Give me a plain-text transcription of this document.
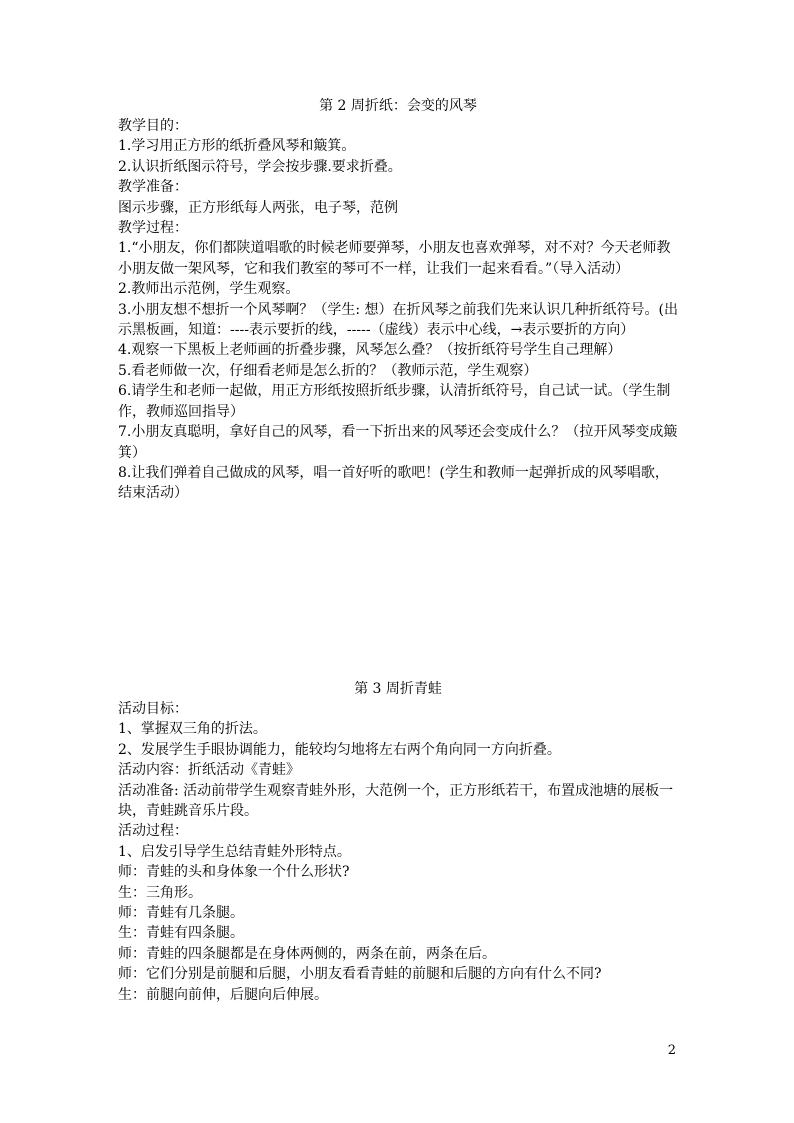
第 2 周折纸：会变的风琴

教学目的：

1.学习用正方形的纸折叠风琴和簸箕。

2.认识折纸图示符号，学会按步骤.要求折叠。

教学准备：

图示步骤，正方形纸每人两张，电子琴，范例

教学过程：

1.“小朋友，你们都陕道唱歌的时候老师要弹琴，小朋友也喜欢弹琴，对不对？今天老师教

小朋友做一架风琴，它和我们教室的琴可不一样，让我们一起来看看。”（导入活动）

2.教师出示范例，学生观察。

3.小朋友想不想折一个风琴啊？（学生: 想）在折风琴之前我们先来认识几种折纸符号。(出

示黑板画，知道：----表示要折的线，-----（虚线）表示中心线，→表示要折的方向）

4.观察一下黑板上老师画的折叠步骤，风琴怎么叠？（按折纸符号学生自己理解）

5.看老师做一次，仔细看老师是怎么折的？（教师示范，学生观察）

6.请学生和老师一起做，用正方形纸按照折纸步骤，认清折纸符号，自己试一试。（学生制

作，教师巡回指导）

7.小朋友真聪明，拿好自己的风琴，看一下折出来的风琴还会变成什么？（拉开风琴变成簸

箕）

8.让我们弹着自己做成的风琴，唱一首好听的歌吧！(学生和教师一起弹折成的风琴唱歌，

结束活动）

第 3 周折青蛙

活动目标：

1、掌握双三角的折法。

2、发展学生手眼协调能力，能较均匀地将左右两个角向同一方向折叠。

活动内容：折纸活动《青蛙》

活动准备: 活动前带学生观察青蛙外形，大范例一个，正方形纸若干，布置成池塘的展板一

块，青蛙跳音乐片段。

活动过程：

1、启发引导学生总结青蛙外形特点。

师：青蛙的头和身体象一个什么形状?

生：三角形。

师：青蛙有几条腿。

生：青蛙有四条腿。

师：青蛙的四条腿都是在身体两侧的，两条在前，两条在后。

师：它们分别是前腿和后腿，小朋友看看青蛙的前腿和后腿的方向有什么不同?

生：前腿向前伸，后腿向后伸展。

2
